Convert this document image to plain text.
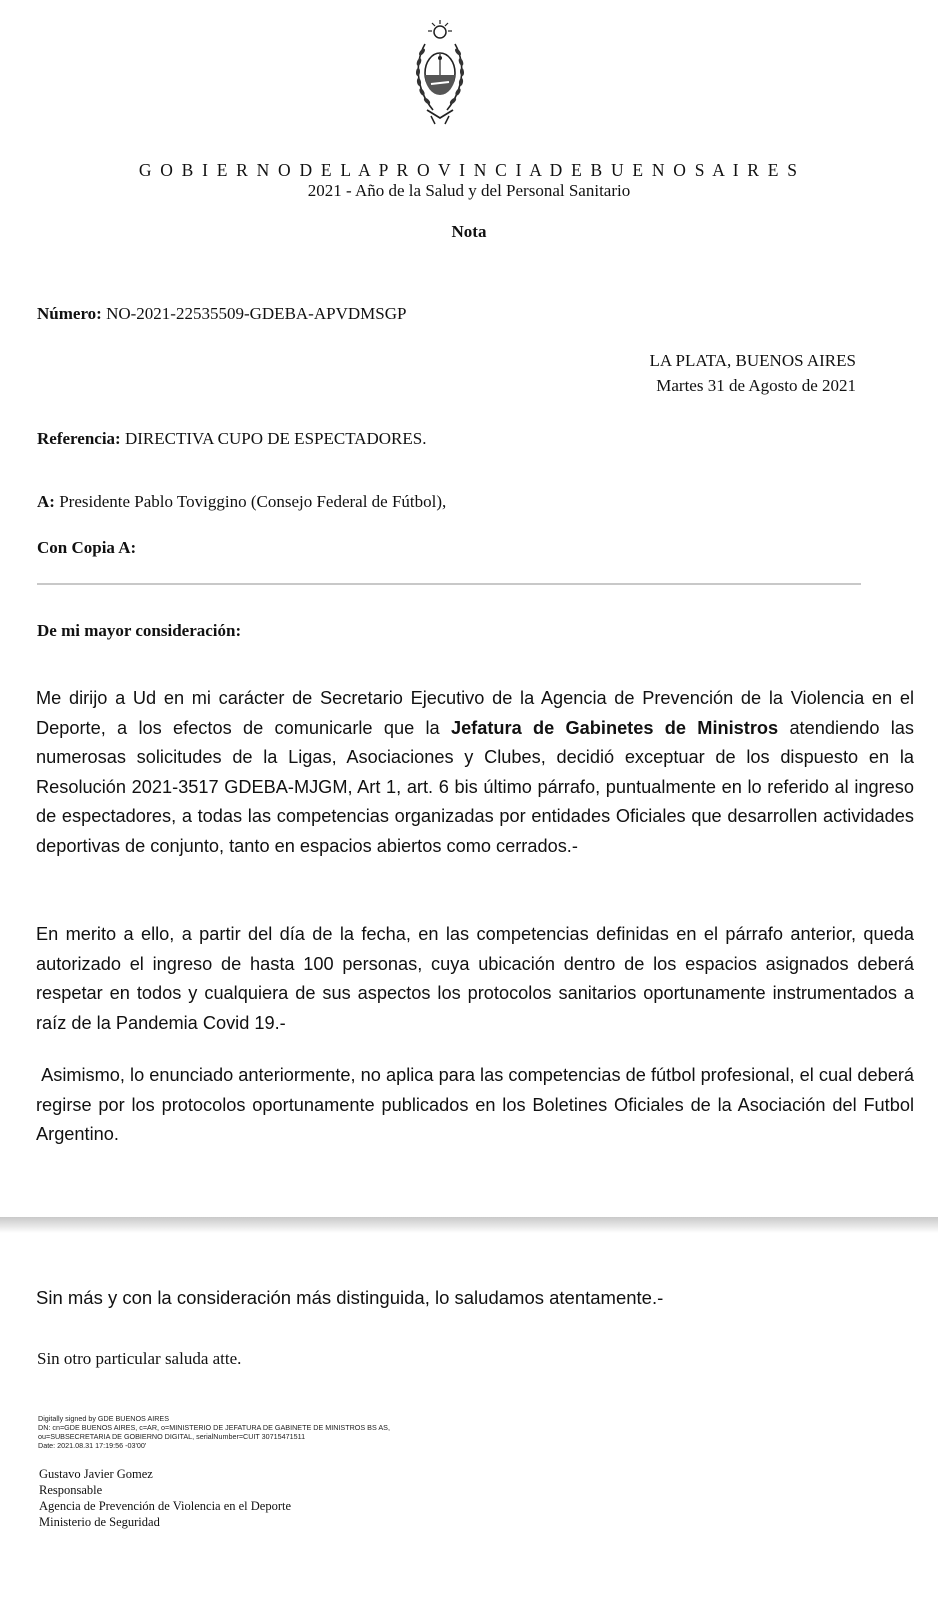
G O B I E R N O D E L A P R O V I N C I A D E B U E N O S A I R E S
2021 - Año de la Salud y del Personal Sanitario
Nota
Número: NO-2021-22535509-GDEBA-APVDMSGP
LA PLATA, BUENOS AIRES
Martes 31 de Agosto de 2021
Referencia: DIRECTIVA CUPO DE ESPECTADORES.
A: Presidente Pablo Toviggino (Consejo Federal de Fútbol),
Con Copia A:
De mi mayor consideración:
Me dirijo a Ud en mi carácter de Secretario Ejecutivo de la Agencia de Prevención de la Violencia en el Deporte, a los efectos de comunicarle que la Jefatura de Gabinetes de Ministros atendiendo las numerosas solicitudes de la Ligas, Asociaciones y Clubes, decidió exceptuar de los dispuesto en la Resolución 2021-3517 GDEBA-MJGM, Art 1, art. 6 bis último párrafo, puntualmente en lo referido al ingreso de espectadores, a todas las competencias organizadas por entidades Oficiales que desarrollen actividades deportivas de conjunto, tanto en espacios abiertos como cerrados.-
En merito a ello, a partir del día de la fecha, en las competencias definidas en el párrafo anterior, queda autorizado el ingreso de hasta 100 personas, cuya ubicación dentro de los espacios asignados deberá respetar en todos y cualquiera de sus aspectos los protocolos sanitarios oportunamente instrumentados a raíz de la Pandemia Covid 19.-
Asimismo, lo enunciado anteriormente, no aplica para las competencias de fútbol profesional, el cual deberá regirse por los protocolos oportunamente publicados en los Boletines Oficiales de la Asociación del Futbol Argentino.
Sin más y con la consideración más distinguida, lo saludamos atentamente.-
Sin otro particular saluda atte.
Digitally signed by GDE BUENOS AIRES
DN: cn=GDE BUENOS AIRES, c=AR, o=MINISTERIO DE JEFATURA DE GABINETE DE MINISTROS BS AS,
ou=SUBSECRETARIA DE GOBIERNO DIGITAL, serialNumber=CUIT 30715471511
Date: 2021.08.31 17:19:56 -03'00'
Gustavo Javier Gomez
Responsable
Agencia de Prevención de Violencia en el Deporte
Ministerio de Seguridad
